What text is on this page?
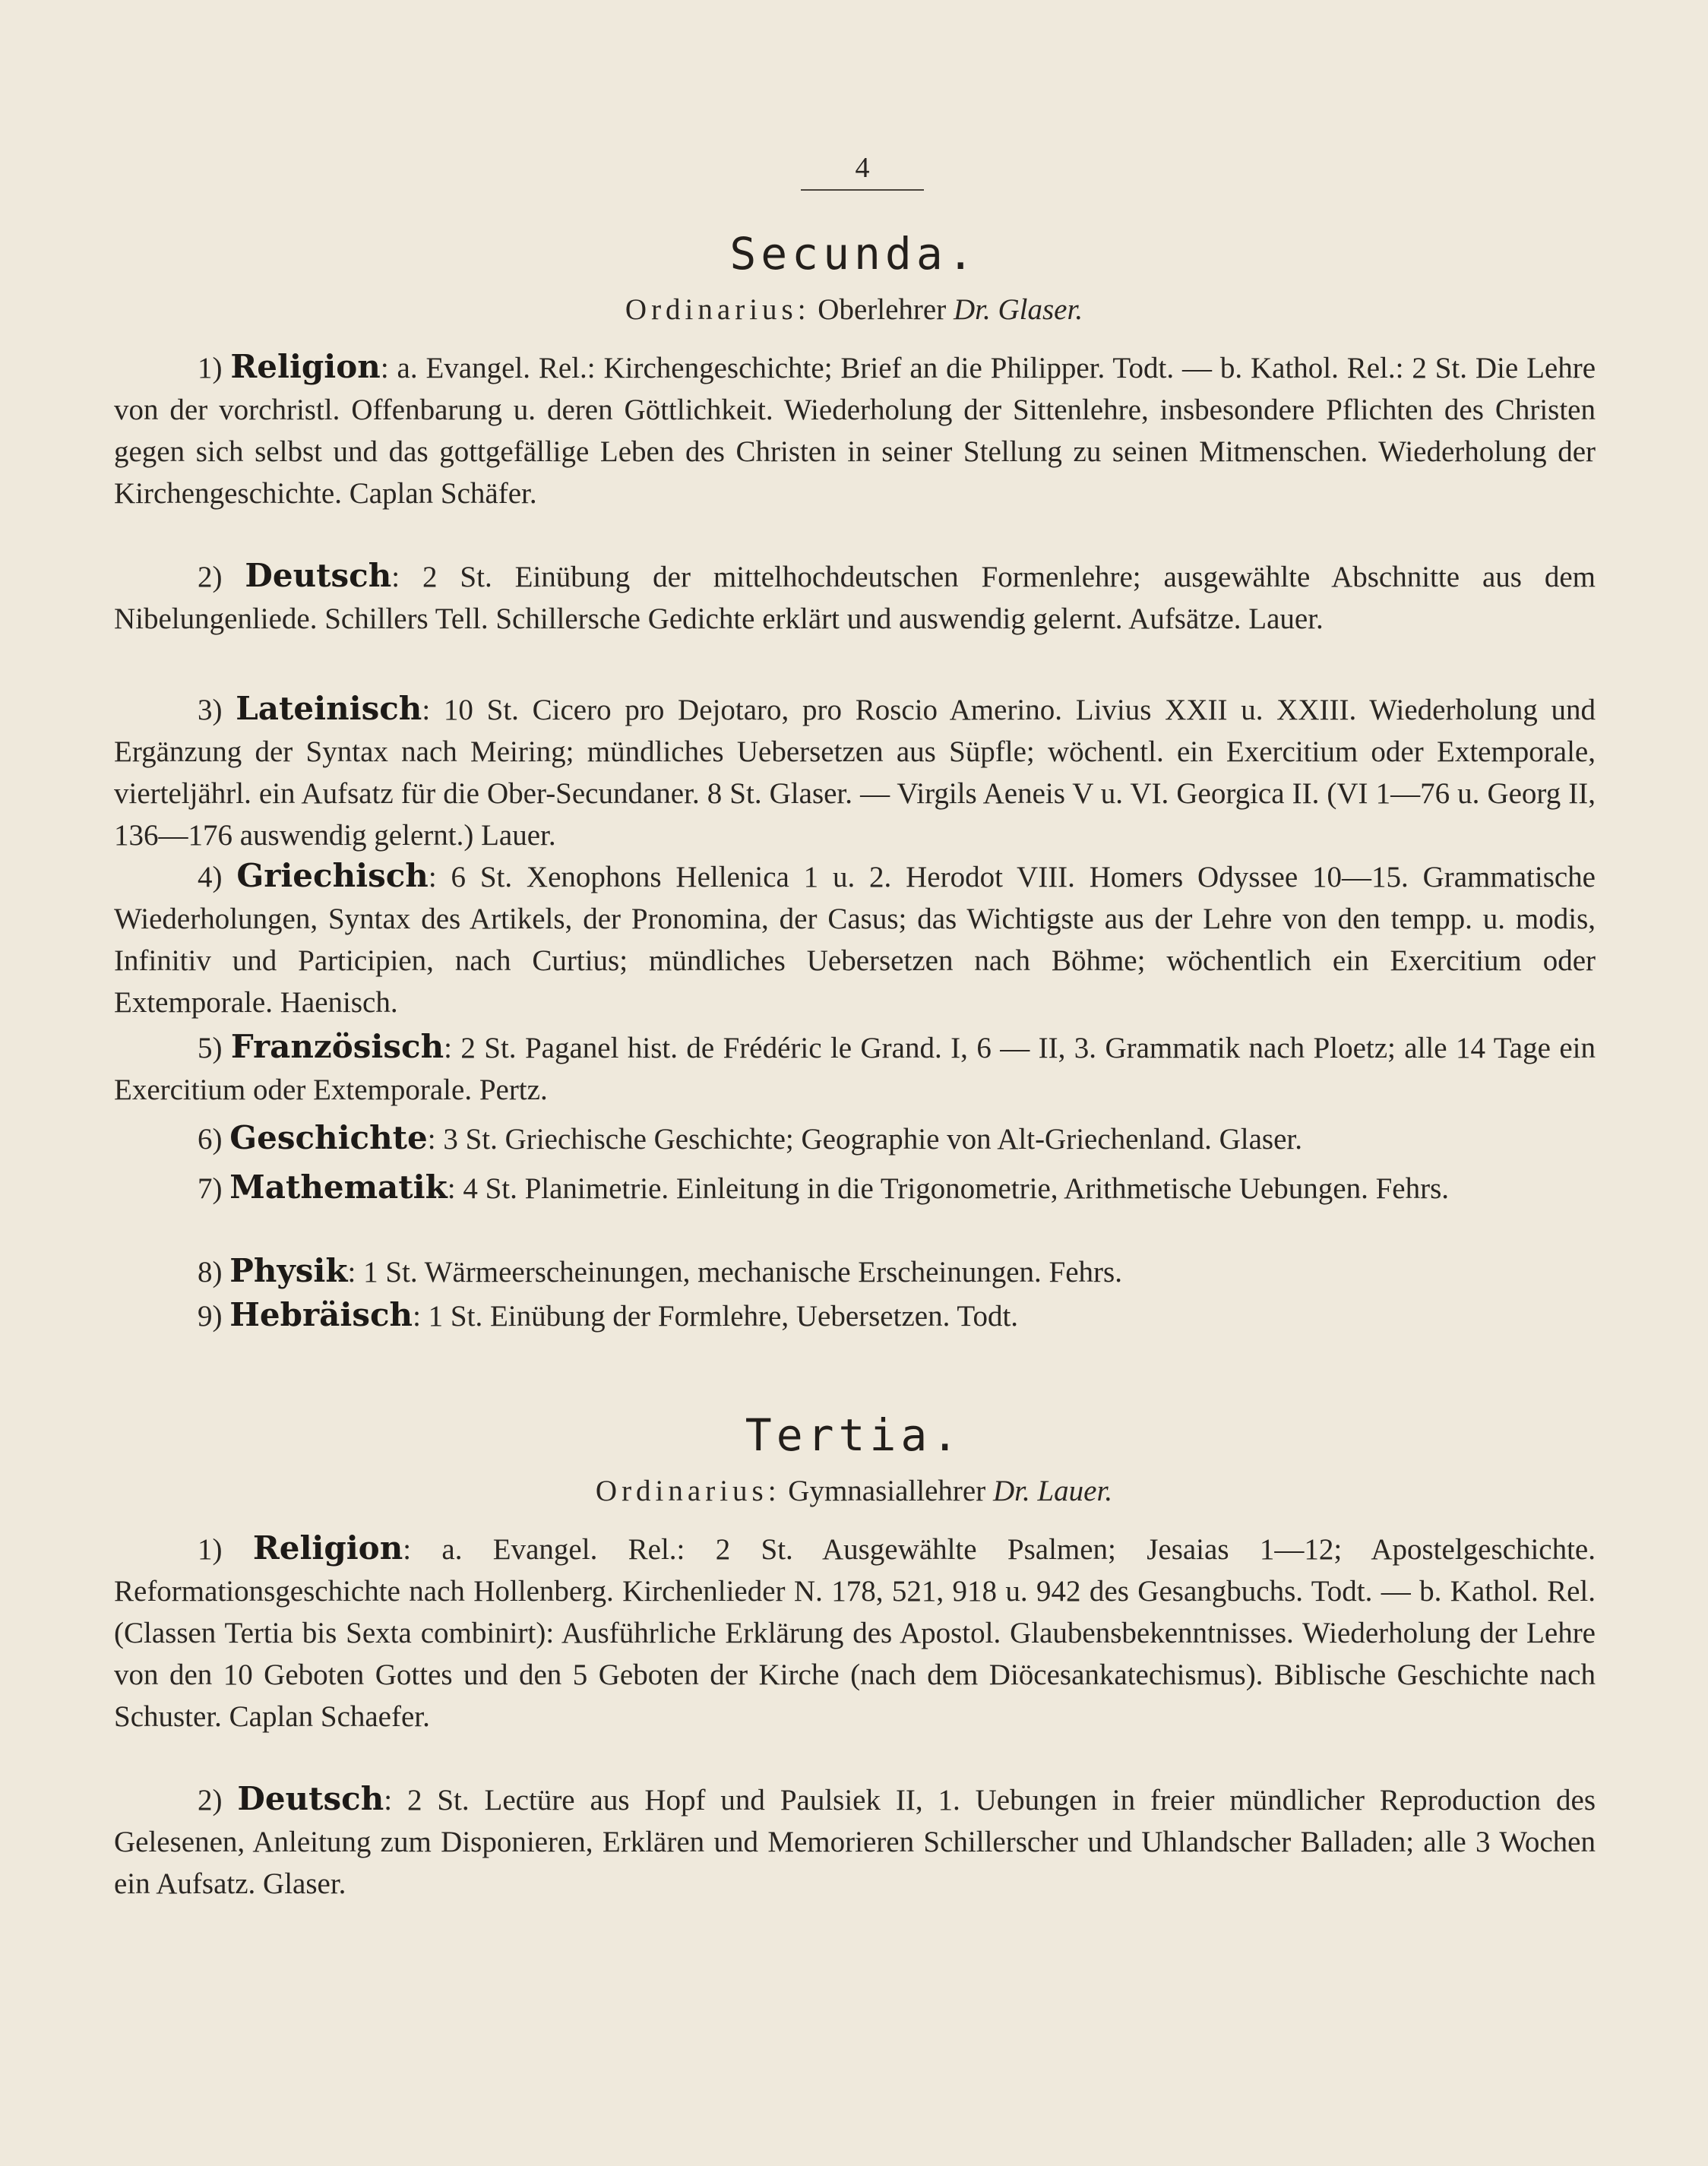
4
Secunda.
Ordinarius: Oberlehrer Dr. Glaser.

1) Religion: a. Evangel. Rel.: Kirchengeschichte; Brief an die Philipper. Todt. — b. Kathol. Rel.: 2 St. Die Lehre von der vorchristl. Offenbarung u. deren Göttlichkeit. Wiederholung der Sittenlehre, insbesondere Pflichten des Christen gegen sich selbst und das gottgefällige Leben des Christen in seiner Stellung zu seinen Mitmenschen. Wiederholung der Kirchengeschichte. Caplan Schäfer.

2) Deutsch: 2 St. Einübung der mittelhochdeutschen Formenlehre; ausgewählte Abschnitte aus dem Nibelungenliede. Schillers Tell. Schillersche Gedichte erklärt und auswendig gelernt. Aufsätze. Lauer.

3) Lateinisch: 10 St. Cicero pro Dejotaro, pro Roscio Amerino. Livius XXII u. XXIII. Wiederholung und Ergänzung der Syntax nach Meiring; mündliches Uebersetzen aus Süpfle; wöchentl. ein Exercitium oder Extemporale, vierteljährl. ein Aufsatz für die Ober-Secundaner. 8 St. Glaser. — Virgils Aeneis V u. VI. Georgica II. (VI 1—76 u. Georg II, 136—176 auswendig gelernt.) Lauer.

4) Griechisch: 6 St. Xenophons Hellenica 1 u. 2. Herodot VIII. Homers Odyssee 10—15. Grammatische Wiederholungen, Syntax des Artikels, der Pronomina, der Casus; das Wichtigste aus der Lehre von den tempp. u. modis, Infinitiv und Participien, nach Curtius; mündliches Uebersetzen nach Böhme; wöchentlich ein Exercitium oder Extemporale. Haenisch.

5) Französisch: 2 St. Paganel hist. de Frédéric le Grand. I, 6 — II, 3. Grammatik nach Ploetz; alle 14 Tage ein Exercitium oder Extemporale. Pertz.

6) Geschichte: 3 St. Griechische Geschichte; Geographie von Alt-Griechenland. Glaser.

7) Mathematik: 4 St. Planimetrie. Einleitung in die Trigonometrie, Arithmetische Uebungen. Fehrs.

8) Physik: 1 St. Wärmeerscheinungen, mechanische Erscheinungen. Fehrs.

9) Hebräisch: 1 St. Einübung der Formlehre, Uebersetzen. Todt.

Tertia.
Ordinarius: Gymnasiallehrer Dr. Lauer.

1) Religion: a. Evangel. Rel.: 2 St. Ausgewählte Psalmen; Jesaias 1—12; Apostelgeschichte. Reformationsgeschichte nach Hollenberg. Kirchenlieder N. 178, 521, 918 u. 942 des Gesangbuchs. Todt. — b. Kathol. Rel. (Classen Tertia bis Sexta combinirt): Ausführliche Erklärung des Apostol. Glaubensbekenntnisses. Wiederholung der Lehre von den 10 Geboten Gottes und den 5 Geboten der Kirche (nach dem Diöcesankatechismus). Biblische Geschichte nach Schuster. Caplan Schaefer.

2) Deutsch: 2 St. Lectüre aus Hopf und Paulsiek II, 1. Uebungen in freier mündlicher Reproduction des Gelesenen, Anleitung zum Disponieren, Erklären und Memorieren Schillerscher und Uhlandscher Balladen; alle 3 Wochen ein Aufsatz. Glaser.
